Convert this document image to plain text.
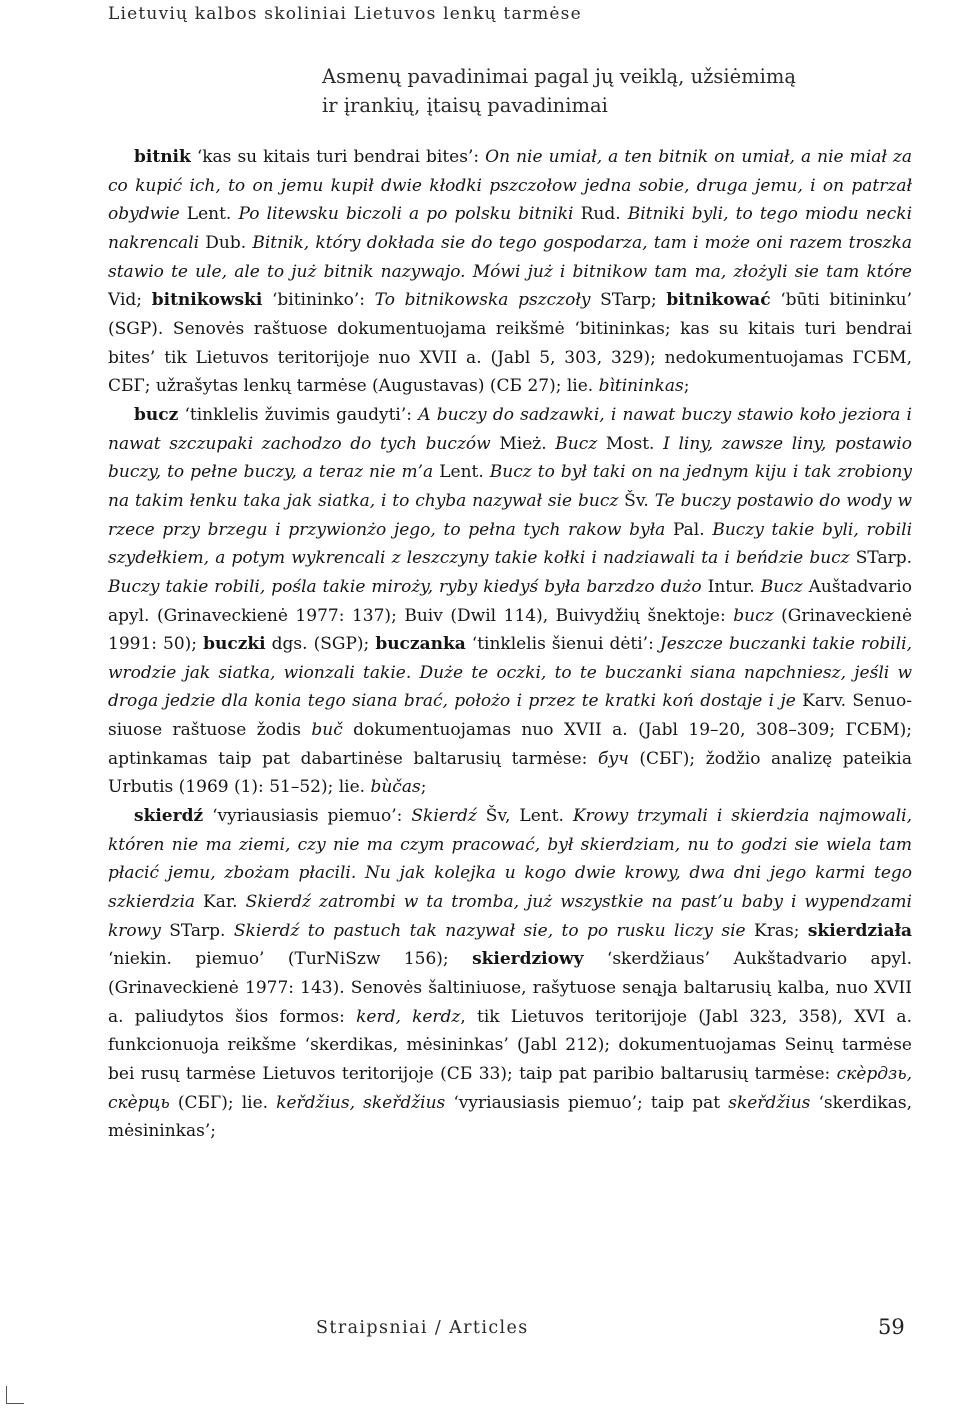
Lietuvių kalbos skoliniai Lietuvos lenkų tarmėse
Asmenų pavadinimai pagal jų veiklą, užsiėmimą
ir įrankių, įtaisų pavadinimai

bitnik ‘kas su kitais turi bendrai bites’: On nie umiał, a ten bitnik on umiał, a nie miał za co kupić ich, to on jemu kupił dwie kłodki pszczołow jedna sobie, druga jemu, i on patrzał obydwie Lent. Po litewsku biczoli a po polsku bitniki Rud. Bitniki byli, to tego miodu necki nakrencali Dub. Bitnik, który dokłada sie do tego gospodarza, tam i może oni razem troszka stawio te ule, ale to już bitnik nazywajo. Mówi już i bitnikow tam ma, złożyli sie tam które Vid; bitnikowski ‘bitininko’: To bitnikowska pszczoły STarp; bitnikować ‘būti bitininku’ (SGP). Senovės raštuose dokumentuojama reikšmė ‘bitininkas; kas su kitais turi bendrai bites’ tik Lietuvos teritorijoje nuo XVII a. (Jabl 5, 303, 329); nedokumentuojamas ГСБМ, СБГ; užrašytas lenkų tarmėse (Augustavas) (СБ 27); lie. bìtininkas;

bucz ‘tinklelis žuvimis gaudyti’: A buczy do sadzawki, i nawat buczy stawio koło jeziora i nawat szczupaki zachodzo do tych buczów Mież. Bucz Most. I liny, zawsze liny, postawio buczy, to pełne buczy, a teraz nie m’a Lent. Bucz to był taki on na jednym kiju i tak zrobiony na takim łenku taka jak siatka, i to chyba nazywał sie bucz Šv. Te buczy postawio do wody w rzece przy brzegu i przywionżo jego, to pełna tych rakow była Pal. Buczy takie byli, robili szydełkiem, a potym wykrencali z leszczyny takie kołki i nadziawali ta i beńdzie bucz STarp. Buczy takie robili, pośla takie miroży, ryby kiedyś była barzdzo dużo Intur. Bucz Auštadvario apyl. (Grinaveckienė 1977: 137); Buiv (Dwil 114), Buivydžių šnektoje: bucz (Grinaveckienė 1991: 50); buczki dgs. (SGP); buczanka ‘tinklelis šienui dėti’: Jeszcze buczanki takie robili, wrodzie jak siatka, wionzali takie. Duże te oczki, to te buczanki siana napchniesz, jeśli w droga jedzie dla konia tego siana brać, położo i przez te kratki koń dostaje i je Karv. Senuosiuose raštuose žodis buč dokumentuojamas nuo XVII a. (Jabl 19–20, 308–309; ГСБМ); aptinkamas taip pat dabartinėse baltarusių tarmėse: буч (СБГ); žodžio analizę pateikia Urbutis (1969 (1): 51–52); lie. bùčas;

skierdź ‘vyriausiasis piemuo’: Skierdź Šv, Lent. Krowy trzymali i skierdzia najmowali, któren nie ma ziemi, czy nie ma czym pracować, był skierdziam, nu to godzi sie wiela tam płacić jemu, zbożam płacili. Nu jak kolejka u kogo dwie krowy, dwa dni jego karmi tego szkierdzia Kar. Skierdź zatrombi w ta tromba, już wszystkie na past’u baby i wypendzami krowy STarp. Skierdź to pastuch tak nazywał sie, to po rusku liczy sie Kras; skierdziała ‘niekin. piemuo’ (TurNiSzw 156); skierdziowy ‘skerdžiaus’ Aukštadvario apyl. (Grinaveckienė 1977: 143). Senovės šaltiniuose, rašytuose senąja baltarusių kalba, nuo XVII a. paliudytos šios formos: kerd, kerdz, tik Lietuvos teritorijoje (Jabl 323, 358), XVI a. funkcionuoja reikšme ‘skerdikas, mėsininkas’ (Jabl 212); dokumentuojamas Seinų tarmėse bei rusų tarmėse Lietuvos teritorijoje (СБ 33); taip pat paribio baltarusių tarmėse: скèрдзь, скèрць (СБГ); lie. keřdžius, skeřdžius ‘vyriausiasis piemuo’; taip pat skeřdžius ‘skerdikas, mėsininkas’;

Straipsniai / Articles	59
